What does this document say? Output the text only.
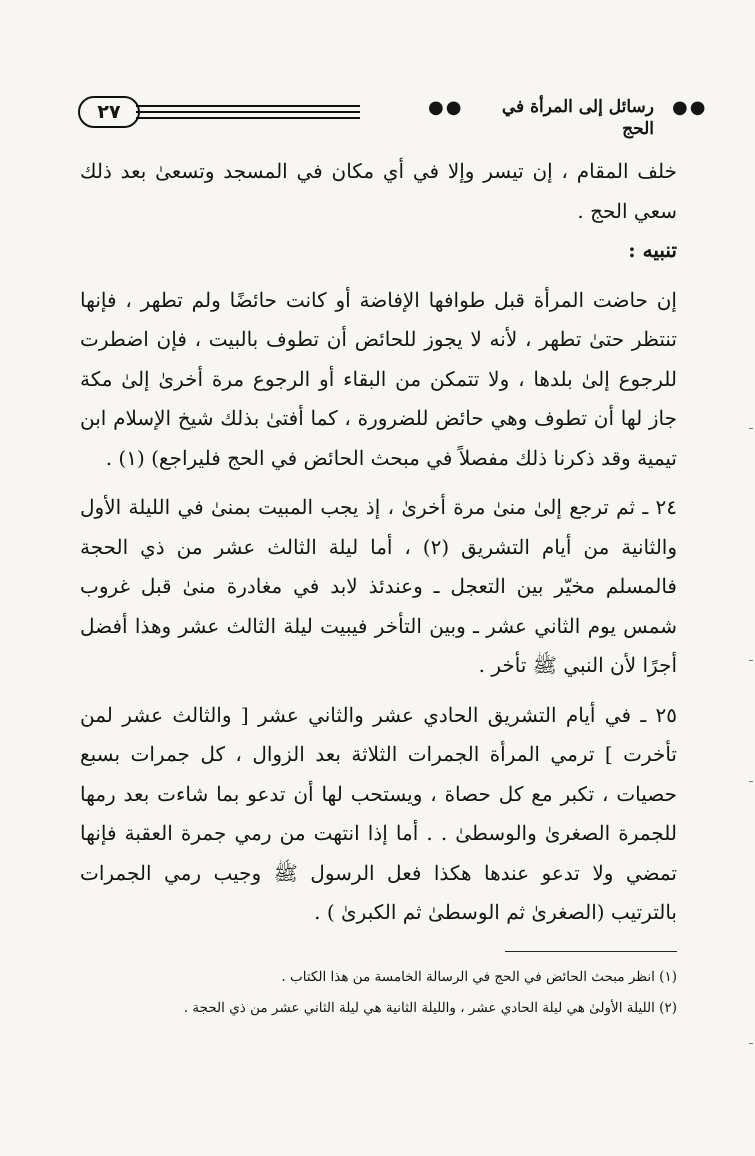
٢٧	●●	رسائل إلى المرأة في الحج
●●

خلف المقام ، إن تيسر وإلا في أي مكان في المسجد وتسعىٰ بعد ذلك سعي الحج .

تنبيه :

إن حاضت المرأة قبل طوافها الإفاضة أو كانت حائضًا ولم تطهر ، فإنها تنتظر حتىٰ تطهر ، لأنه لا يجوز للحائض أن تطوف بالبيت ، فإن اضطرت للرجوع إلىٰ بلدها ، ولا تتمكن من البقاء أو الرجوع مرة أخرىٰ إلىٰ مكة جاز لها أن تطوف وهي حائض للضرورة ، كما أفتىٰ بذلك شيخ الإسلام ابن تيمية وقد ذكرنا ذلك مفصلاً في مبحث الحائض في الحج فليراجع) (١) .

٢٤ ـ ثم ترجع إلىٰ منىٰ مرة أخرىٰ ، إذ يجب المبيت بمنىٰ في الليلة الأول والثانية من أيام التشريق (٢) ، أما ليلة الثالث عشر من ذي الحجة فالمسلم مخيّر بين التعجل ـ وعندئذ لابد في مغادرة منىٰ قبل غروب شمس يوم الثاني عشر ـ وبين التأخر فيبيت ليلة الثالث عشر وهذا أفضل أجرًا لأن النبي ﷺ تأخر .

٢٥ ـ في أيام التشريق الحادي عشر والثاني عشر [ والثالث عشر لمن تأخرت ] ترمي المرأة الجمرات الثلاثة بعد الزوال ، كل جمرات بسبع حصيات ، تكبر مع كل حصاة ، ويستحب لها أن تدعو بما شاءت بعد رمها للجمرة الصغرىٰ والوسطىٰ . . أما إذا انتهت من رمي جمرة العقبة فإنها تمضي ولا تدعو عندها هكذا فعل الرسول ﷺ وجيب رمي الجمرات بالترتيب (الصغرىٰ ثم الوسطىٰ ثم الكبرىٰ ) .

(١) انظر مبحث الحائض في الحج في الرسالة الخامسة من هذا الكتاب .
(٢) الليلة الأولىٰ هي ليلة الحادي عشر ، والليلة الثانية هي ليلة الثاني عشر من ذي الحجة .
